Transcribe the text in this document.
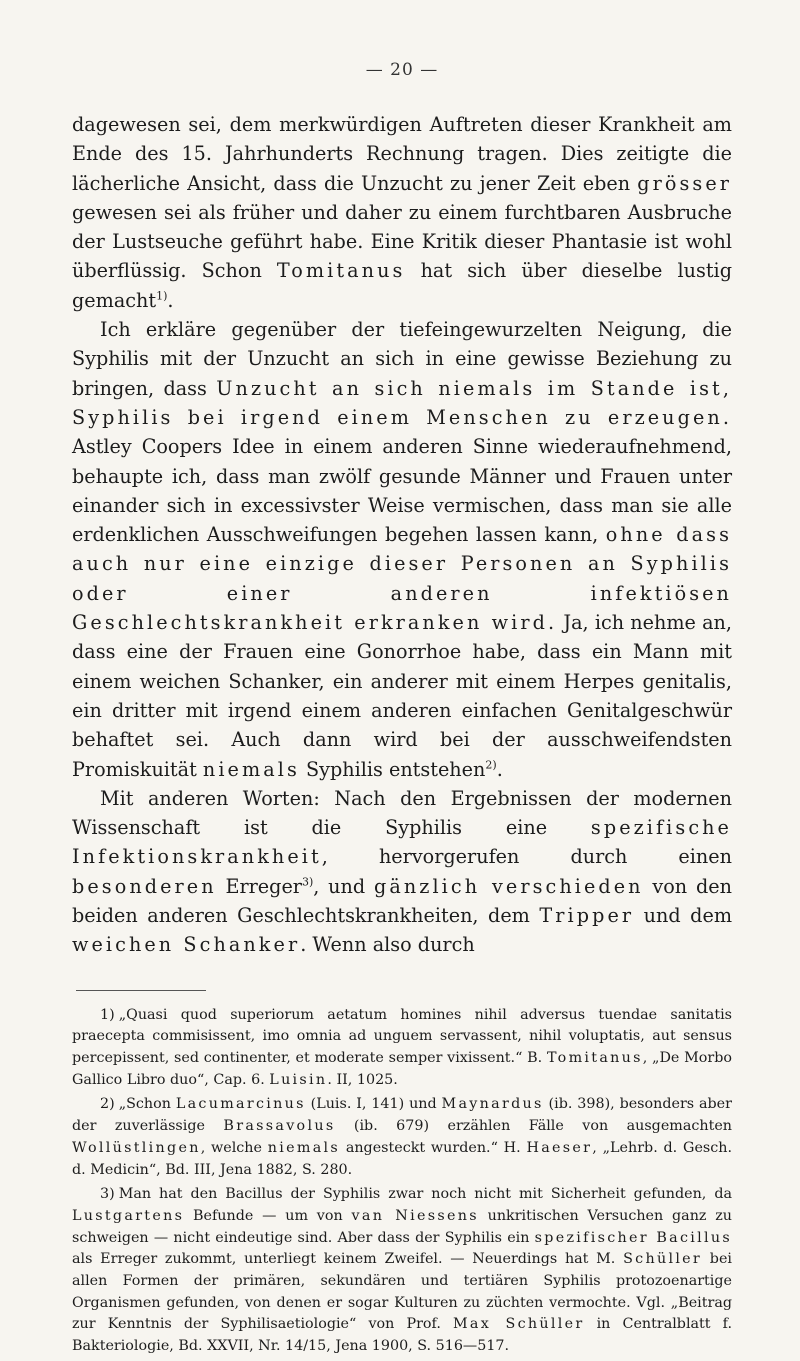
— 20 —

dagewesen sei, dem merkwürdigen Auftreten dieser Krankheit am Ende des 15. Jahrhunderts Rechnung tragen. Dies zeitigte die lächerliche Ansicht, dass die Unzucht zu jener Zeit eben grösser gewesen sei als früher und daher zu einem furchtbaren Ausbruche der Lustseuche geführt habe. Eine Kritik dieser Phantasie ist wohl überflüssig. Schon Tomitanus hat sich über dieselbe lustig gemacht$^{1)}$.

Ich erkläre gegenüber der tiefeingewurzelten Neigung, die Syphilis mit der Unzucht an sich in eine gewisse Beziehung zu bringen, dass Unzucht an sich niemals im Stande ist, Syphilis bei irgend einem Menschen zu erzeugen. Astley Coopers Idee in einem anderen Sinne wiederaufnehmend, behaupte ich, dass man zwölf gesunde Männer und Frauen unter einander sich in excessivster Weise vermischen, dass man sie alle erdenklichen Ausschweifungen begehen lassen kann, ohne dass auch nur eine einzige dieser Personen an Syphilis oder einer anderen infektiösen Geschlechtskrankheit erkranken wird. Ja, ich nehme an, dass eine der Frauen eine Gonorrhoe habe, dass ein Mann mit einem weichen Schanker, ein anderer mit einem Herpes genitalis, ein dritter mit irgend einem anderen einfachen Genitalgeschwür behaftet sei. Auch dann wird bei der ausschweifendsten Promiskuität niemals Syphilis entstehen$^{2)}$.

Mit anderen Worten: Nach den Ergebnissen der modernen Wissenschaft ist die Syphilis eine spezifische Infektionskrankheit, hervorgerufen durch einen besonderen Erreger$^{3)}$, und gänzlich verschieden von den beiden anderen Geschlechtskrankheiten, dem Tripper und dem weichen Schanker. Wenn also durch

1) „Quasi quod superiorum aetatum homines nihil adversus tuendae sanitatis praecepta commisissent, imo omnia ad unguem servassent, nihil voluptatis, aut sensus percepissent, sed continenter, et moderate semper vixissent.“ B. Tomitanus, „De Morbo Gallico Libro duo“, Cap. 6. Luisin. II, 1025.

2) „Schon Lacumarcinus (Luis. I, 141) und Maynardus (ib. 398), besonders aber der zuverlässige Brassavolus (ib. 679) erzählen Fälle von ausgemachten Wollüstlingen, welche niemals angesteckt wurden.“ H. Haeser, „Lehrb. d. Gesch. d. Medicin“, Bd. III, Jena 1882, S. 280.

3) Man hat den Bacillus der Syphilis zwar noch nicht mit Sicherheit gefunden, da Lustgartens Befunde — um von van Niessens unkritischen Versuchen ganz zu schweigen — nicht eindeutige sind. Aber dass der Syphilis ein spezifischer Bacillus als Erreger zukommt, unterliegt keinem Zweifel. — Neuerdings hat M. Schüller bei allen Formen der primären, sekundären und tertiären Syphilis protozoenartige Organismen gefunden, von denen er sogar Kulturen zu züchten vermochte. Vgl. „Beitrag zur Kenntnis der Syphilisaetiologie“ von Prof. Max Schüller in Centralblatt f. Bakteriologie, Bd. XXVII, Nr. 14/15, Jena 1900, S. 516—517.
